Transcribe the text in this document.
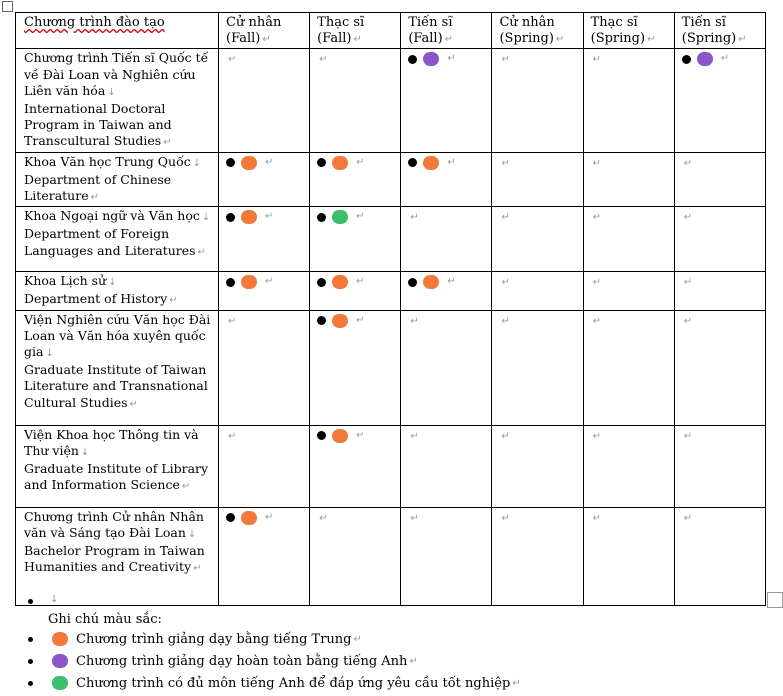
Chương trình đào tạo	Cử nhân (Fall) ↵	Thạc sĩ (Fall) ↵	Tiến sĩ (Fall) ↵	Cử nhân (Spring) ↵	Thạc sĩ (Spring) ↵	Tiến sĩ (Spring) ↵
Chương trình Tiến sĩ Quốc tế về Đài Loan và Nghiên cứu Liên văn hóa ↓
International Doctoral Program in Taiwan and Transcultural Studies ↵	↵	↵	↵	↵	↵	↵

Khoa Văn học Trung Quốc ↓
Department of Chinese Literature ↵	↵	↵	↵	↵	↵	↵
Khoa Ngoại ngữ và Văn học ↓
Department of Foreign Languages and Literatures ↵	↵	↵	↵	↵	↵	↵
Khoa Lịch sử ↓
Department of History ↵	↵	↵	↵	↵	↵	↵
Viện Nghiên cứu Văn học Đài Loan và Văn hóa xuyên quốc gia ↓
Graduate Institute of Taiwan Literature and Transnational Cultural Studies ↵	↵	↵	↵	↵	↵	↵
Viện Khoa học Thông tin và Thư viện ↓
Graduate Institute of Library and Information Science ↵	↵	↵	↵	↵	↵	↵
Chương trình Cử nhân Nhân văn và Sáng tạo Đài Loan ↓
Bachelor Program in Taiwan Humanities and Creativity ↵	↵	↵	↵	↵	↵	↵
↓
Ghi chú màu sắc:
Chương trình giảng dạy bằng tiếng Trung ↵
Chương trình giảng dạy hoàn toàn bằng tiếng Anh ↵
Chương trình có đủ môn tiếng Anh để đáp ứng yêu cầu tốt nghiệp ↵
